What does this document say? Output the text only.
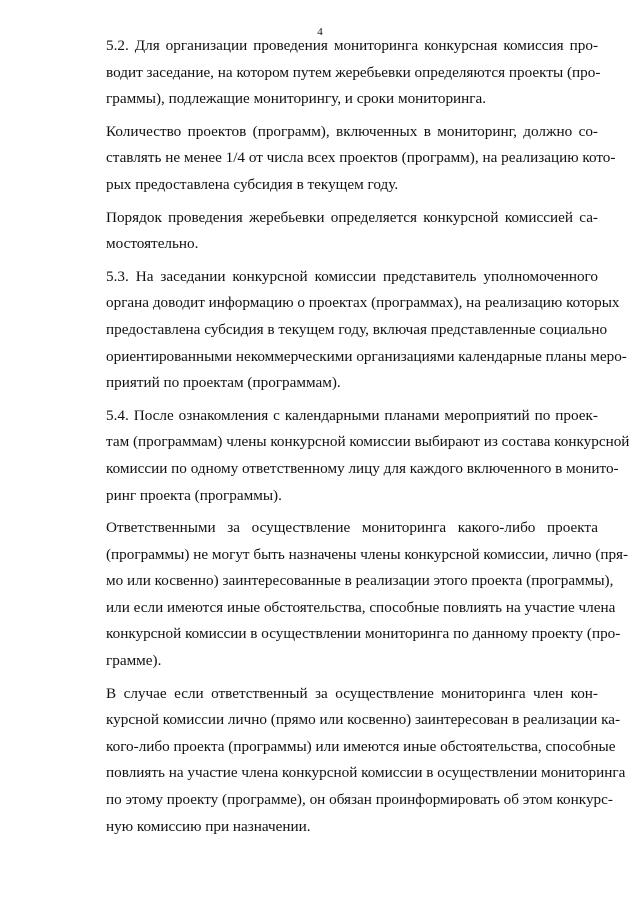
4

5.2. Для организации проведения мониторинга конкурсная комиссия про-
водит заседание, на котором путем жеребьевки определяются проекты (про-
граммы), подлежащие мониторингу, и сроки мониторинга.

Количество проектов (программ), включенных в мониторинг, должно со-
ставлять не менее 1/4 от числа всех проектов (программ), на реализацию кото-
рых предоставлена субсидия в текущем году.

Порядок проведения жеребьевки определяется конкурсной комиссией са-
мостоятельно.

5.3. На заседании конкурсной комиссии представитель уполномоченного
органа доводит информацию о проектах (программах), на реализацию которых
предоставлена субсидия в текущем году, включая представленные социально
ориентированными некоммерческими организациями календарные планы меро-
приятий по проектам (программам).

5.4. После ознакомления с календарными планами мероприятий по проек-
там (программам) члены конкурсной комиссии выбирают из состава конкурсной
комиссии по одному ответственному лицу для каждого включенного в монито-
ринг проекта (программы).

Ответственными за осуществление мониторинга какого-либо проекта
(программы) не могут быть назначены члены конкурсной комиссии, лично (пря-
мо или косвенно) заинтересованные в реализации этого проекта (программы),
или если имеются иные обстоятельства, способные повлиять на участие члена
конкурсной комиссии в осуществлении мониторинга по данному проекту (про-
грамме).

В случае если ответственный за осуществление мониторинга член кон-
курсной комиссии лично (прямо или косвенно) заинтересован в реализации ка-
кого-либо проекта (программы) или имеются иные обстоятельства, способные
повлиять на участие члена конкурсной комиссии в осуществлении мониторинга
по этому проекту (программе), он обязан проинформировать об этом конкурс-
ную комиссию при назначении.
